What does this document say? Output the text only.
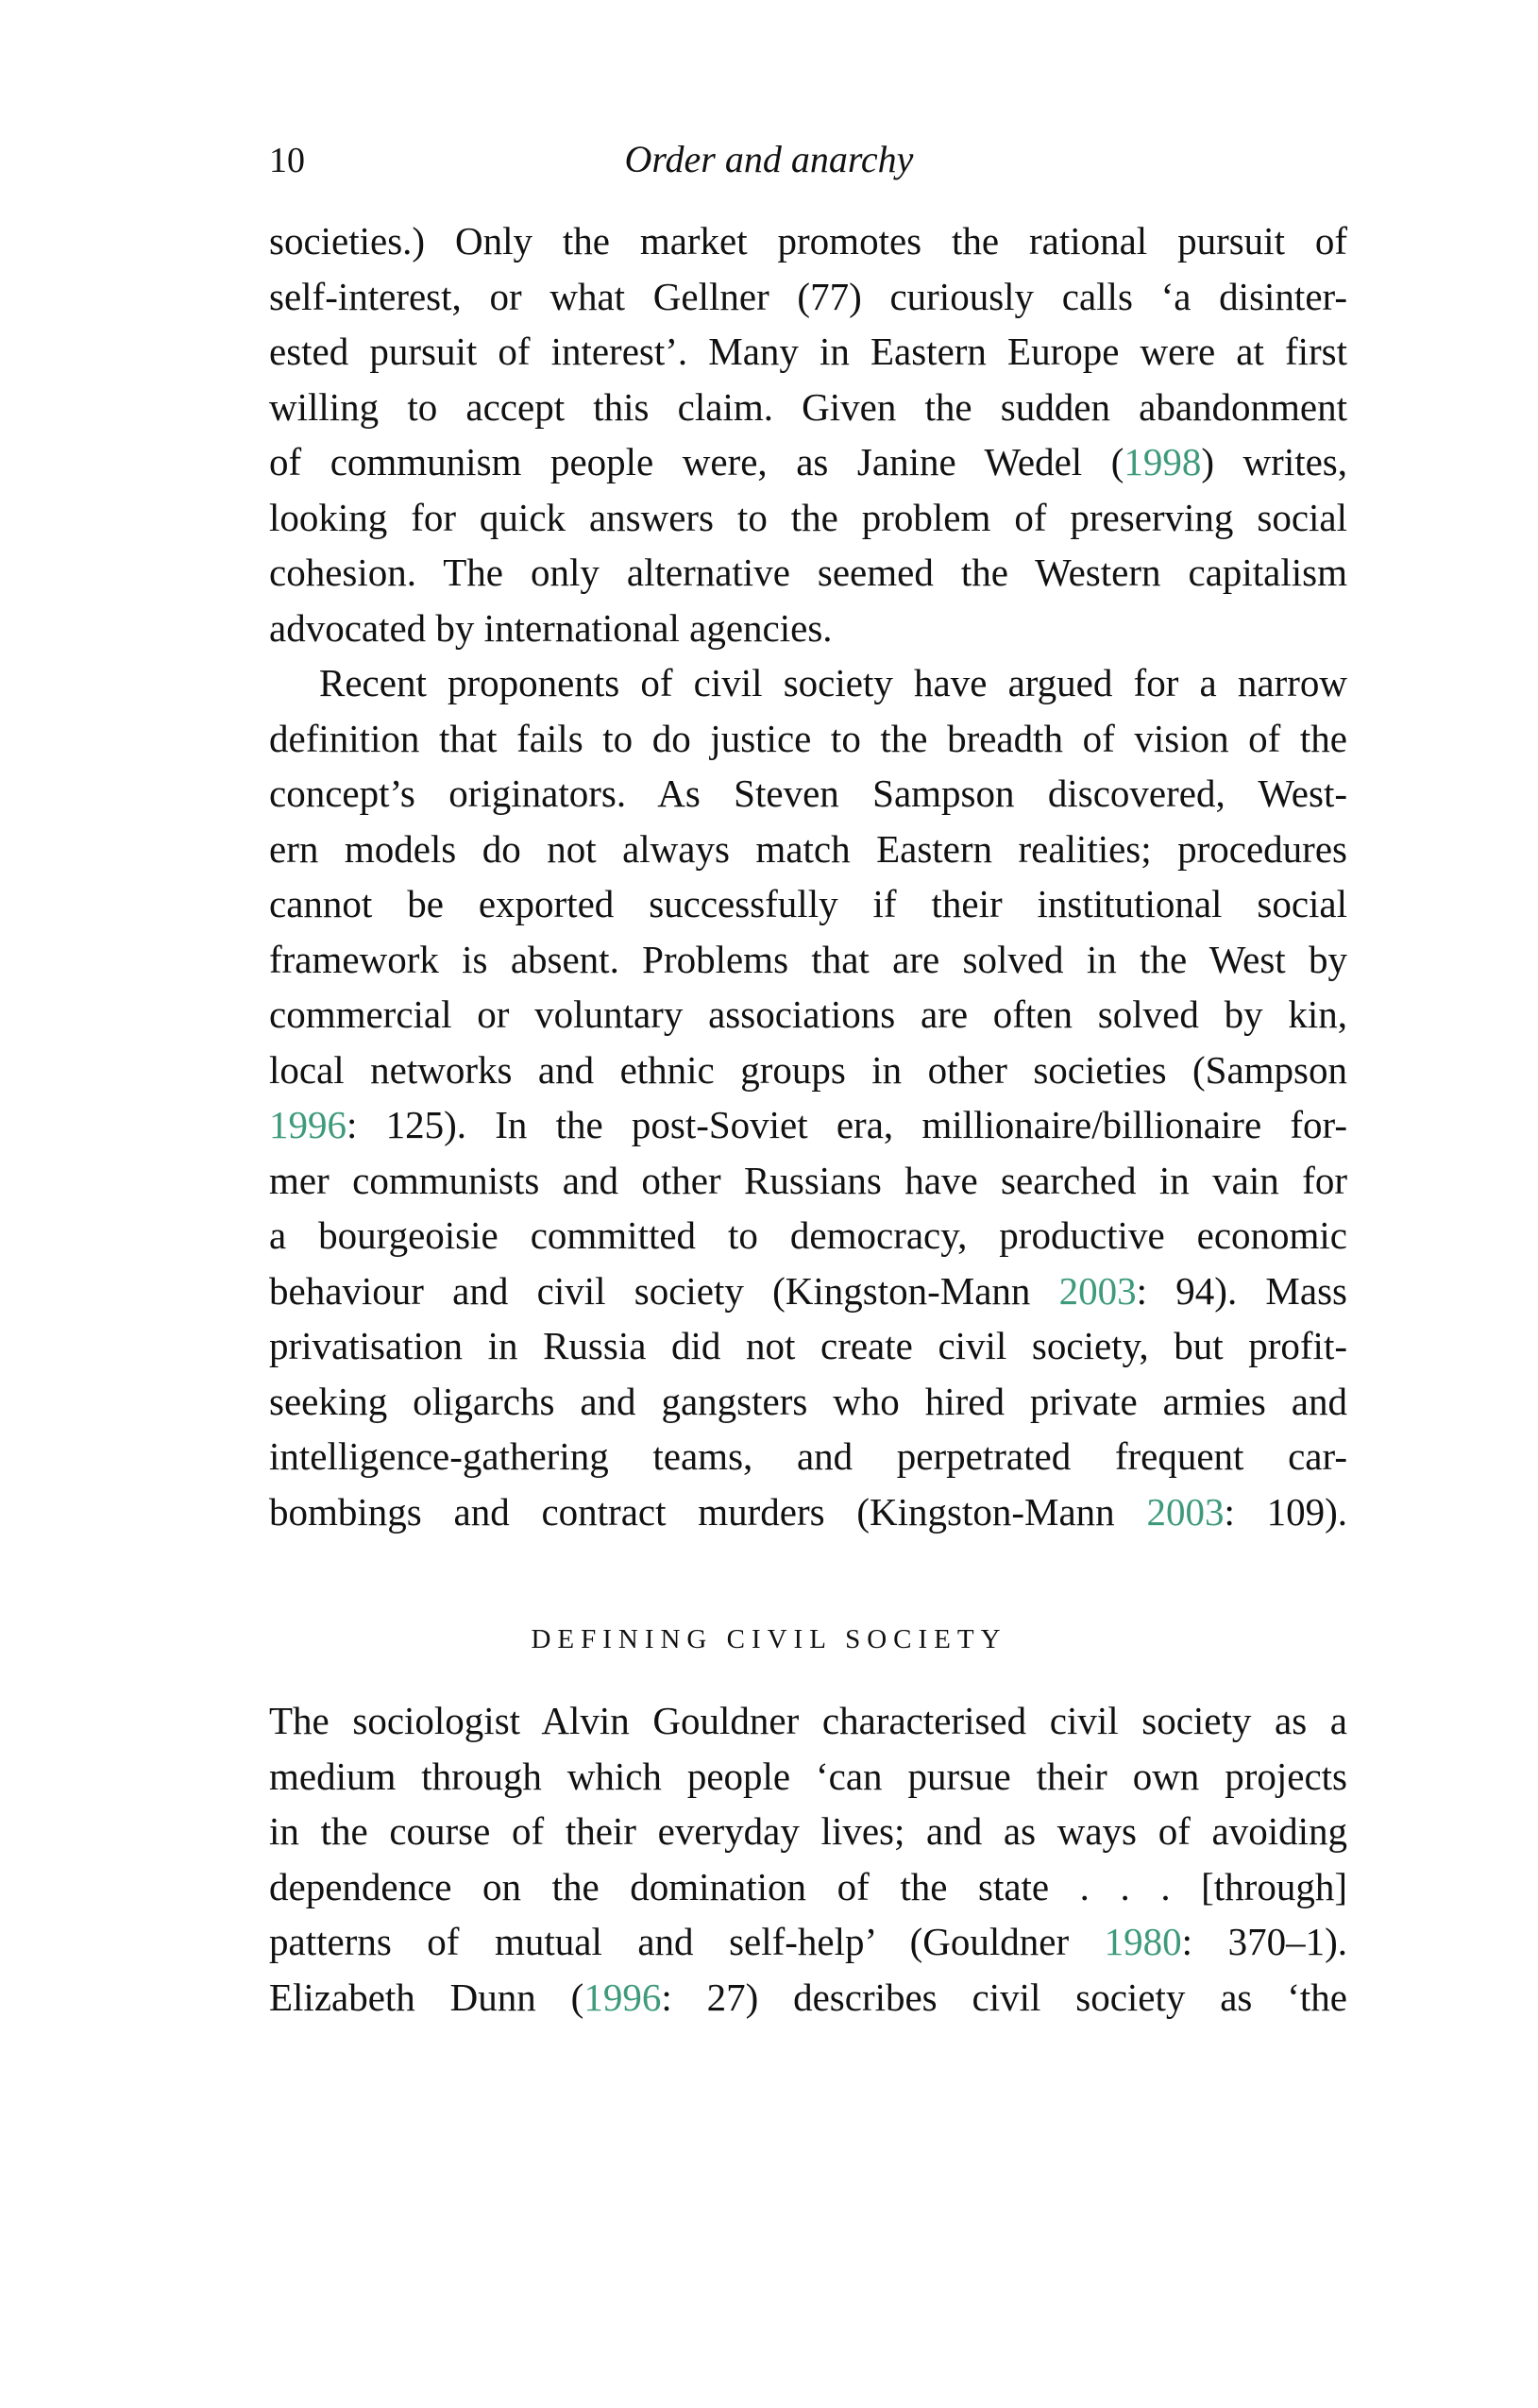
10	Order and anarchy
societies.) Only the market promotes the rational pursuit of
self-interest, or what Gellner (77) curiously calls ‘a disinter-
ested pursuit of interest’. Many in Eastern Europe were at first
willing to accept this claim. Given the sudden abandonment
of communism people were, as Janine Wedel (1998) writes,
looking for quick answers to the problem of preserving social
cohesion. The only alternative seemed the Western capitalism
advocated by international agencies.
Recent proponents of civil society have argued for a narrow
definition that fails to do justice to the breadth of vision of the
concept’s originators. As Steven Sampson discovered, West-
ern models do not always match Eastern realities; procedures
cannot be exported successfully if their institutional social
framework is absent. Problems that are solved in the West by
commercial or voluntary associations are often solved by kin,
local networks and ethnic groups in other societies (Sampson
1996: 125). In the post-Soviet era, millionaire/billionaire for-
mer communists and other Russians have searched in vain for
a bourgeoisie committed to democracy, productive economic
behaviour and civil society (Kingston-Mann 2003: 94). Mass
privatisation in Russia did not create civil society, but profit-
seeking oligarchs and gangsters who hired private armies and
intelligence-gathering teams, and perpetrated frequent car-
bombings and contract murders (Kingston-Mann 2003: 109).
DEFINING CIVIL SOCIETY
The sociologist Alvin Gouldner characterised civil society as a
medium through which people ‘can pursue their own projects
in the course of their everyday lives; and as ways of avoiding
dependence on the domination of the state . . . [through]
patterns of mutual and self-help’ (Gouldner 1980: 370–1).
Elizabeth Dunn (1996: 27) describes civil society as ‘the
